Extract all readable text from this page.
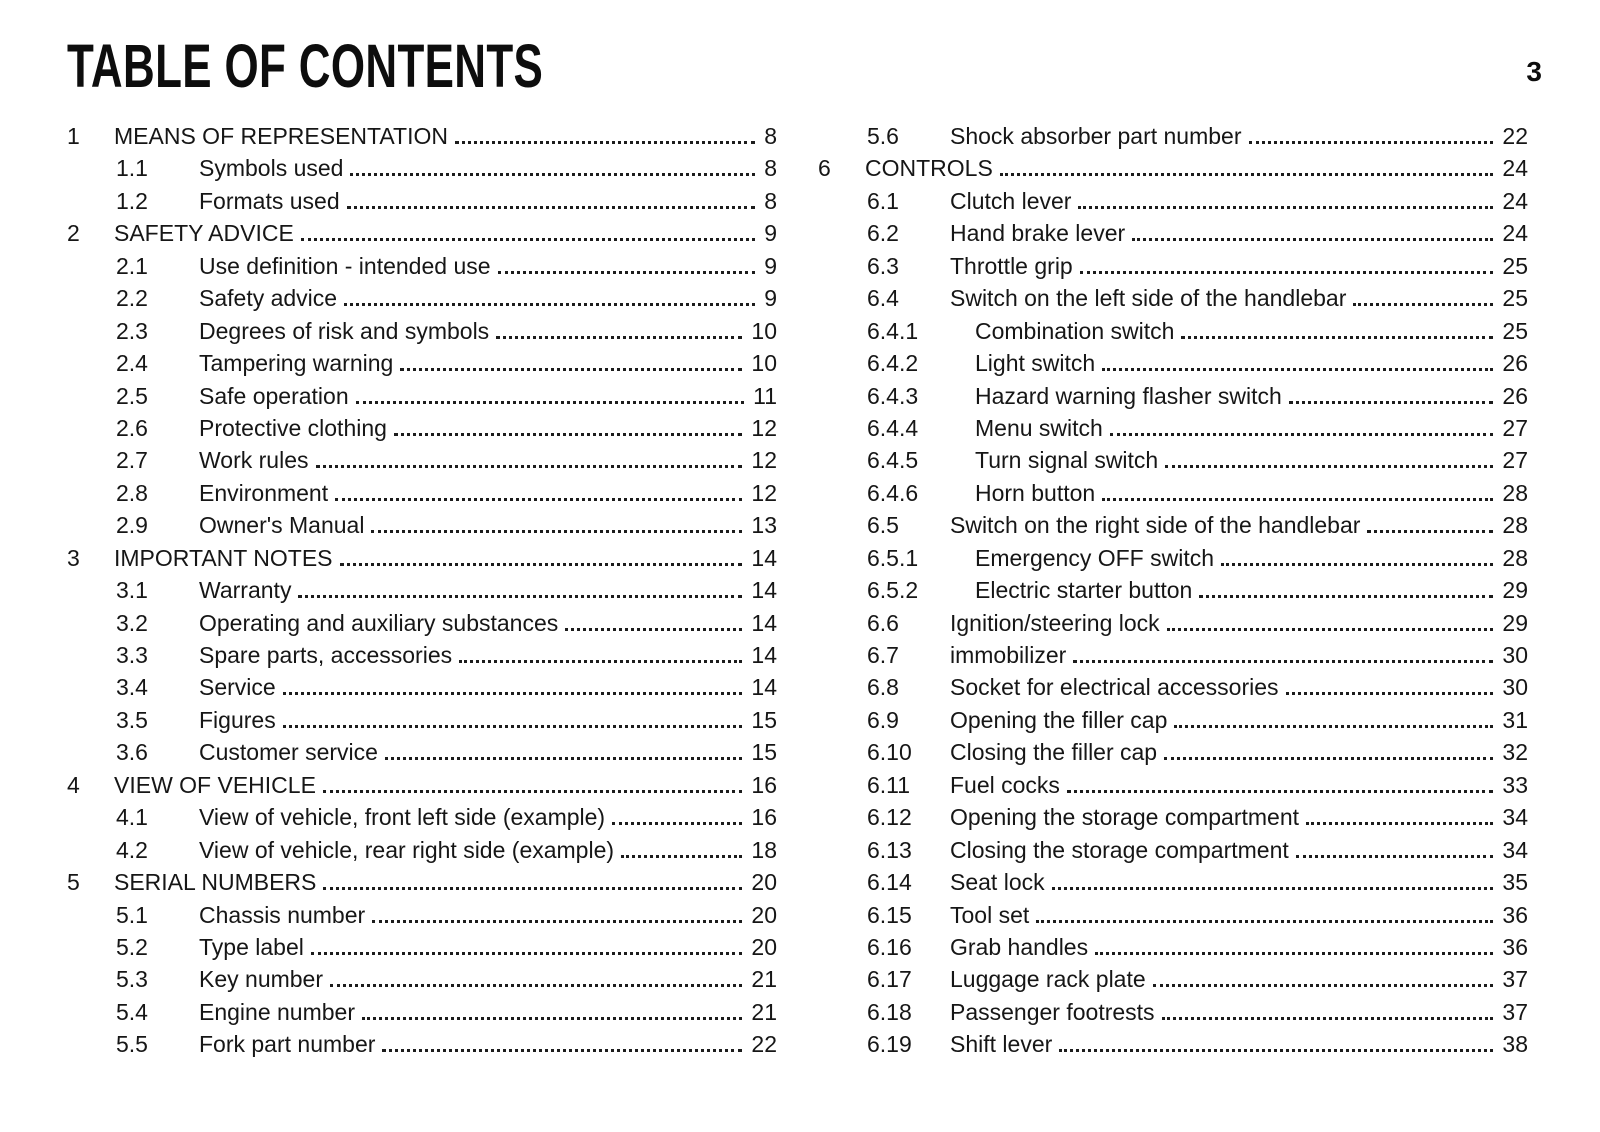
TABLE OF CONTENTS	3
1	MEANS OF REPRESENTATION	8
1.1	Symbols used	8
1.2	Formats used	8
2	SAFETY ADVICE	9
2.1	Use definition - intended use	9
2.2	Safety advice	9
2.3	Degrees of risk and symbols	10
2.4	Tampering warning	10
2.5	Safe operation	11
2.6	Protective clothing	12
2.7	Work rules	12
2.8	Environment	12
2.9	Owner's Manual	13
3	IMPORTANT NOTES	14
3.1	Warranty	14
3.2	Operating and auxiliary substances	14
3.3	Spare parts, accessories	14
3.4	Service	14
3.5	Figures	15
3.6	Customer service	15
4	VIEW OF VEHICLE	16
4.1	View of vehicle, front left side (example)	16
4.2	View of vehicle, rear right side (example)	18
5	SERIAL NUMBERS	20
5.1	Chassis number	20
5.2	Type label	20
5.3	Key number	21
5.4	Engine number	21
5.5	Fork part number	22
5.6	Shock absorber part number	22
6	CONTROLS	24
6.1	Clutch lever	24
6.2	Hand brake lever	24
6.3	Throttle grip	25
6.4	Switch on the left side of the handlebar	25
6.4.1	Combination switch	25
6.4.2	Light switch	26
6.4.3	Hazard warning flasher switch	26
6.4.4	Menu switch	27
6.4.5	Turn signal switch	27
6.4.6	Horn button	28
6.5	Switch on the right side of the handlebar	28
6.5.1	Emergency OFF switch	28
6.5.2	Electric starter button	29
6.6	Ignition/steering lock	29
6.7	immobilizer	30
6.8	Socket for electrical accessories	30
6.9	Opening the filler cap	31
6.10	Closing the filler cap	32
6.11	Fuel cocks	33
6.12	Opening the storage compartment	34
6.13	Closing the storage compartment	34
6.14	Seat lock	35
6.15	Tool set	36
6.16	Grab handles	36
6.17	Luggage rack plate	37
6.18	Passenger footrests	37
6.19	Shift lever	38
